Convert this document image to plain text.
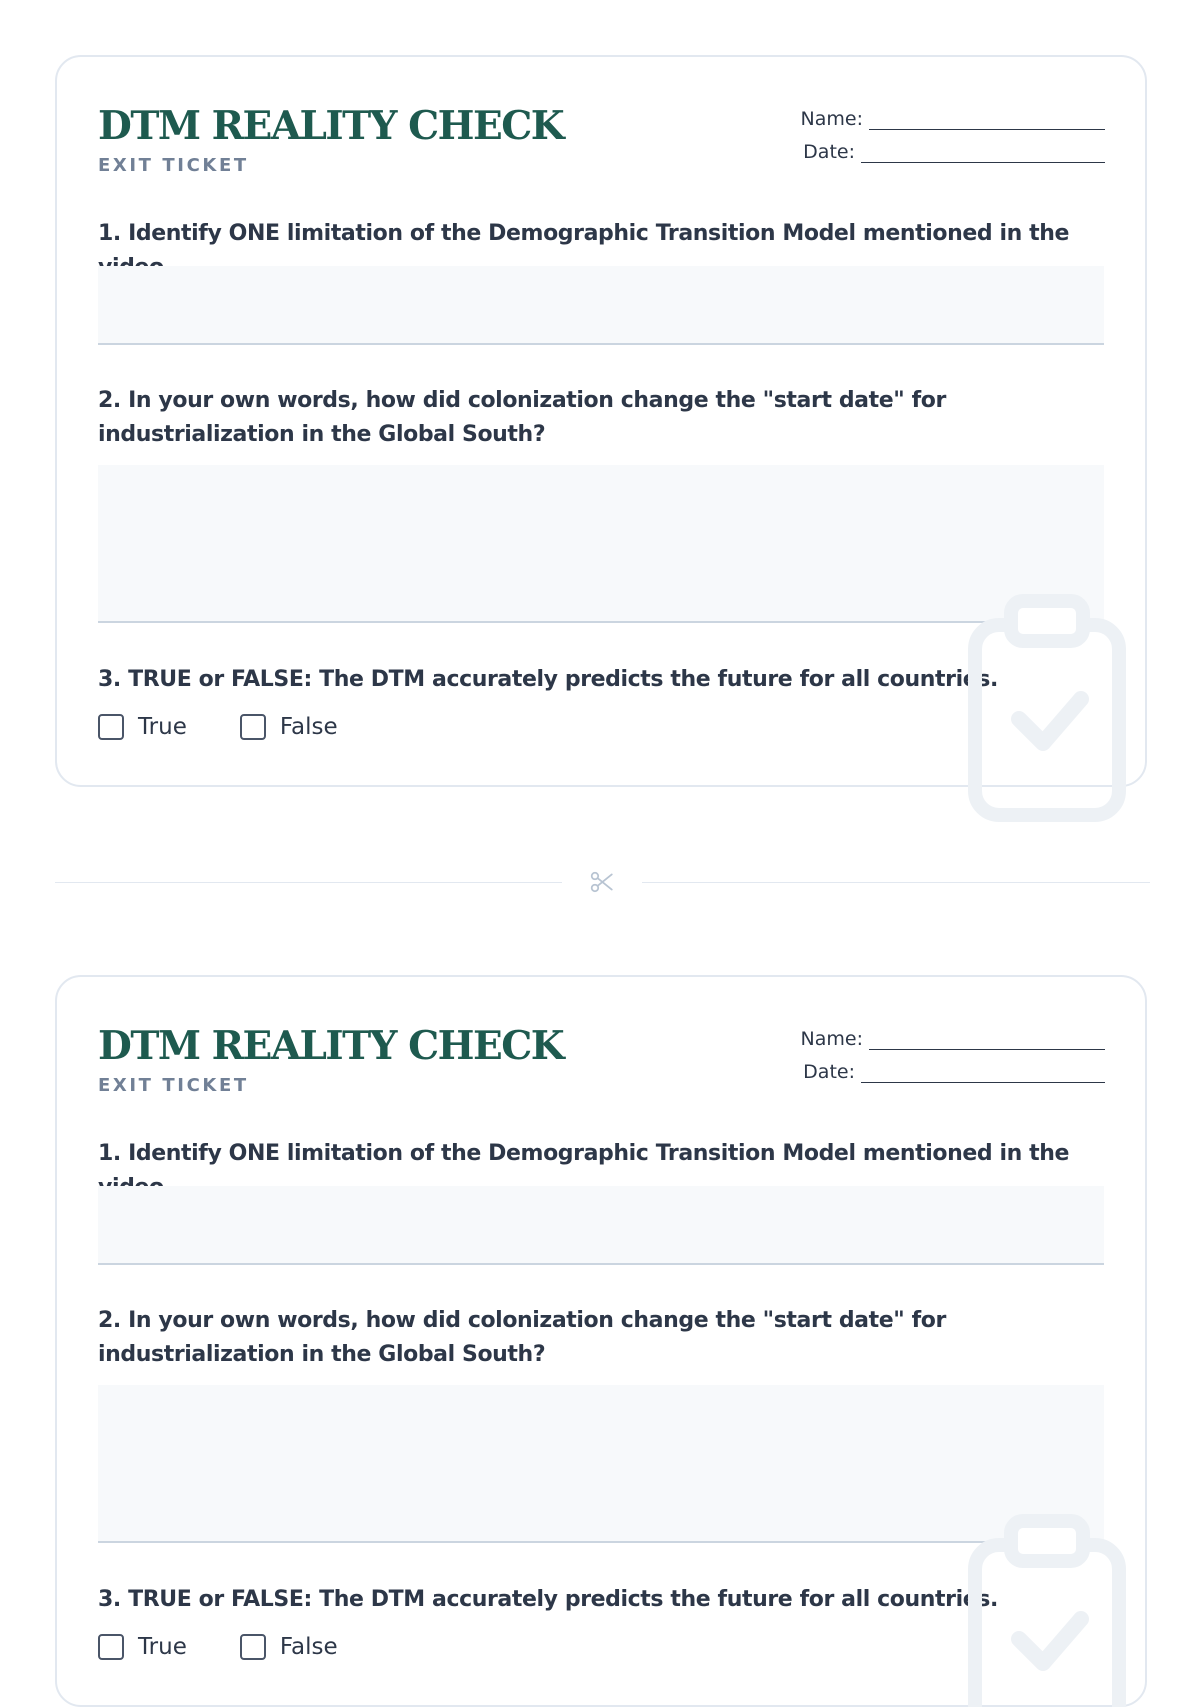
DTM REALITY CHECK
EXIT TICKET
Name:
Date:
1. Identify ONE limitation of the Demographic Transition Model mentioned in the
2. In your own words, how did colonization change the "start date" for industrialization in the Global South?
3. TRUE or FALSE: The DTM accurately predicts the future for all countries.
True	False
DTM REALITY CHECK
EXIT TICKET
Name:
Date:
1. Identify ONE limitation of the Demographic Transition Model mentioned in the
2. In your own words, how did colonization change the "start date" for industrialization in the Global South?
3. TRUE or FALSE: The DTM accurately predicts the future for all countries.
True	False
